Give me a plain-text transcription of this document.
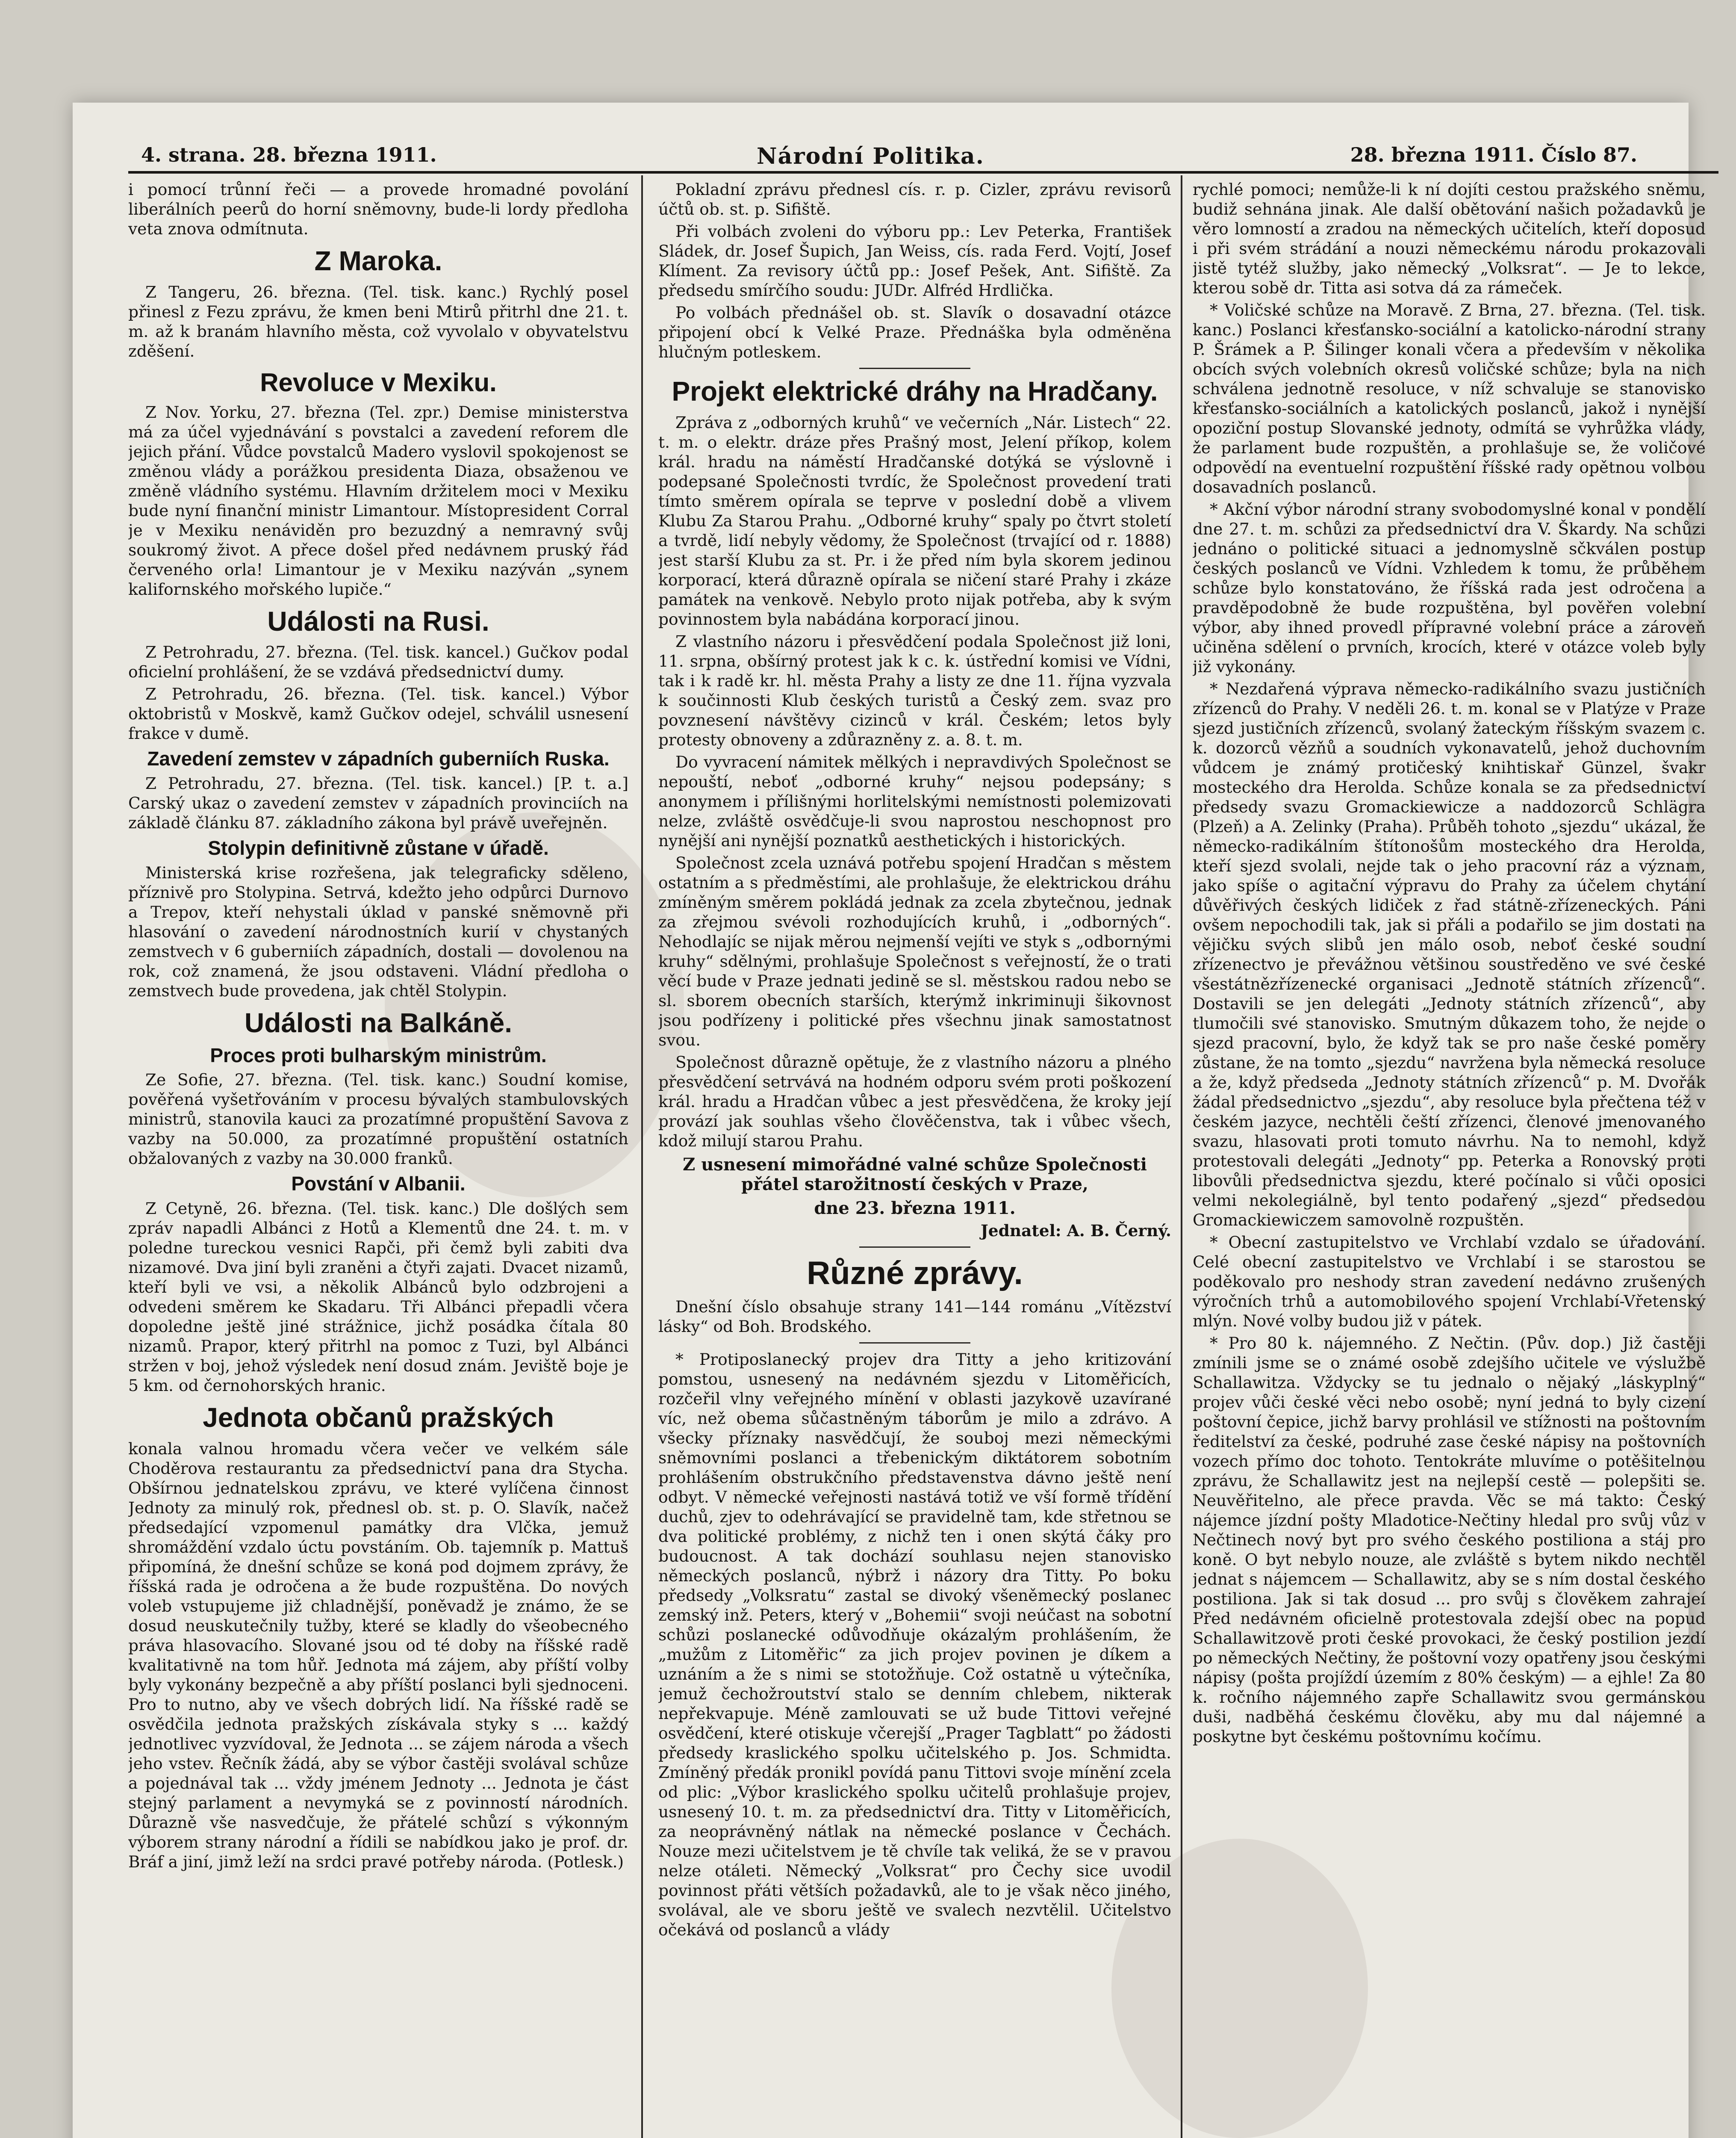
4. strana. 28. března 1911.	Národní Politika.	28. března 1911. Číslo 87.

i pomocí trůnní řeči — a provede hromadné povolání liberálních peerů do horní sněmovny, bude-li lordy předloha veta znova odmítnuta.

Z Maroka.

Z Tangeru, 26. března. (Tel. tisk. kanc.) Rychlý posel přinesl z Fezu zprávu, že kmen beni Mtirů přitrhl dne 21. t. m. až k branám hlavního města, což vyvolalo v obyvatelstvu zděšení.

Revoluce v Mexiku.

Z Nov. Yorku, 27. března (Tel. zpr.) Demise ministerstva má za účel vyjednávání s povstalci a zavedení reforem dle jejich přání. Vůdce povstalců Madero vyslovil spokojenost se změnou vlády a porážkou presidenta Diaza, obsaženou ve změně vládního systému. Hlavním držitelem moci v Mexiku bude nyní finanční ministr Limantour. Místopresident Corral je v Mexiku nenáviděn pro bezuzdný a nemravný svůj soukromý život. A přece došel před nedávnem pruský řád červeného orla! Limantour je v Mexiku nazýván „synem kalifornského mořského lupiče.“

Události na Rusi.

Z Petrohradu, 27. března. (Tel. tisk. kancel.) Gučkov podal oficielní prohlášení, že se vzdává předsednictví dumy.

Z Petrohradu, 26. března. (Tel. tisk. kancel.) Výbor oktobristů v Moskvě, kamž Gučkov odejel, schválil usnesení frakce v dumě.

Zavedení zemstev v západních guberniích Ruska.

Z Petrohradu, 27. března. (Tel. tisk. kancel.) [P. t. a.] Carský ukaz o zavedení zemstev v západních provinciích na základě článku 87. základního zákona byl právě uveřejněn.

Stolypin definitivně zůstane v úřadě.

Ministerská krise rozřešena, jak telegraficky sděleno, příznivě pro Stolypina. Setrvá, kdežto jeho odpůrci Durnovo a Trepov, kteří nehystali úklad v panské sněmovně při hlasování o zavedení národnostních kurií v chystaných zemstvech v 6 guberniích západních, dostali — dovolenou na rok, což znamená, že jsou odstaveni. Vládní předloha o zemstvech bude provedena, jak chtěl Stolypin.

Události na Balkáně.
Proces proti bulharským ministrům.

Ze Sofie, 27. března. (Tel. tisk. kanc.) Soudní komise, pověřená vyšetřováním v procesu bývalých stambulovských ministrů, stanovila kauci za prozatímné propuštění Savova z vazby na 50.000, za prozatímné propuštění ostatních obžalovaných z vazby na 30.000 franků.

Povstání v Albanii.

Z Cetyně, 26. března. (Tel. tisk. kanc.) Dle došlých sem zpráv napadli Albánci z Hotů a Klementů dne 24. t. m. v poledne tureckou vesnici Rapči, při čemž byli zabiti dva nizamové. Dva jiní byli zraněni a čtyři zajati. Dvacet nizamů, kteří byli ve vsi, a několik Albánců bylo odzbrojeni a odvedeni směrem ke Skadaru. Tři Albánci přepadli včera dopoledne ještě jiné strážnice, jichž posádka čítala 80 nizamů. Prapor, který přitrhl na pomoc z Tuzi, byl Albánci stržen v boj, jehož výsledek není dosud znám. Jeviště boje je 5 km. od černohorských hranic.

Jednota občanů pražských

konala valnou hromadu včera večer ve velkém sále Choděrova restaurantu za předsednictví pana dra Stycha. Obšírnou jednatelskou zprávu, ve které vylíčena činnost Jednoty za minulý rok, přednesl ob. st. p. O. Slavík, načež předsedající vzpomenul památky dra Vlčka, jemuž shromáždění vzdalo úctu povstáním. Ob. tajemník p. Mattuš připomíná, že dnešní schůze se koná pod dojmem zprávy, že říšská rada je odročena a že bude rozpuštěna. Do nových voleb vstupujeme již chladnější, poněvadž je známo, že se dosud neuskutečnily tužby, které se kladly do všeobecného práva hlasovacího. Slované jsou od té doby na říšské radě kvalitativně na tom hůř. Jednota má zájem, aby příští volby byly vykonány bezpečně a aby příští poslanci byli sjednoceni. Pro to nutno, aby ve všech dobrých lidí. Na říšské radě se osvědčila jednota pražských získávala styky s ... každý jednotlivec vyzvídoval, že Jednota ... se zájem národa a všech jeho vstev. Řečník žádá, aby se výbor častěji svolával schůze a pojednával tak ... vždy jménem Jednoty ... Jednota je část stejný parlament a nevymyká se z povinností národních. Důrazně vše nasvedčuje, že přátelé schůzí s výkonným výborem strany národní a řídili se nabídkou jako je prof. dr. Bráf a jiní, jimž leží na srdci pravé potřeby národa. (Potlesk.)

Pokladní zprávu přednesl cís. r. p. Cizler, zprávu revisorů účtů ob. st. p. Sifiště.

Při volbách zvoleni do výboru pp.: Lev Peterka, František Sládek, dr. Josef Šupich, Jan Weiss, cís. rada Ferd. Vojtí, Josef Klíment. Za revisory účtů pp.: Josef Pešek, Ant. Sifiště. Za předsedu smírčího soudu: JUDr. Alfréd Hrdlička.

Po volbách přednášel ob. st. Slavík o dosavadní otázce připojení obcí k Velké Praze. Přednáška byla odměněna hlučným potleskem.

Projekt elektrické dráhy na Hradčany.

Zpráva z „odborných kruhů“ ve večerních „Nár. Listech“ 22. t. m. o elektr. dráze přes Prašný most, Jelení příkop, kolem král. hradu na náměstí Hradčanské dotýká se výslovně i podepsané Společnosti tvrdíc, že Společnost provedení trati tímto směrem opírala se teprve v poslední době a vlivem Klubu Za Starou Prahu. „Odborné kruhy“ spaly po čtvrt století a tvrdě, lidí nebyly vědomy, že Společnost (trvající od r. 1888) jest starší Klubu za st. Pr. i že před ním byla skorem jedinou korporací, která důrazně opírala se ničení staré Prahy i zkáze památek na venkově. Nebylo proto nijak potřeba, aby k svým povinnostem byla nabádána korporací jinou.

Z vlastního názoru i přesvědčení podala Společnost již loni, 11. srpna, obšírný protest jak k c. k. ústřední komisi ve Vídni, tak i k radě kr. hl. města Prahy a listy ze dne 11. října vyzvala k součinnosti Klub českých turistů a Český zem. svaz pro povznesení návštěvy cizinců v král. Českém; letos byly protesty obnoveny a zdůrazněny z. a. 8. t. m.

Do vyvracení námitek mělkých i nepravdivých Společnost se nepouští, neboť „odborné kruhy“ nejsou podepsány; s anonymem i přílišnými horlitelskými nemístnosti polemizovati nelze, zvláště osvědčuje-li svou naprostou neschopnost pro nynější ani nynější poznatků aesthetických i historických.

Společnost zcela uznává potřebu spojení Hradčan s městem ostatním a s předměstími, ale prohlašuje, že elektrickou dráhu zmíněným směrem pokládá jednak za zcela zbytečnou, jednak za zřejmou svévoli rozhodujících kruhů, i „odborných“. Nehodlajíc se nijak měrou nejmenší vejíti ve styk s „odbornými kruhy“ sdělnými, prohlašuje Společnost s veřejností, že o trati věcí bude v Praze jednati jedině se sl. městskou radou nebo se sl. sborem obecních starších, kterýmž inkriminuji šikovnost jsou podřízeny i politické přes všechnu jinak samostatnost svou.

Společnost důrazně opětuje, že z vlastního názoru a plného přesvědčení setrvává na hodném odporu svém proti poškození král. hradu a Hradčan vůbec a jest přesvědčena, že kroky její provází jak souhlas všeho člověčenstva, tak i vůbec všech, kdož milují starou Prahu.

Z usnesení mimořádné valné schůze Společnosti přátel starožitností českých v Praze,
dne 23. března 1911.
Jednatel: A. B. Černý.
Různé zprávy.

Dnešní číslo obsahuje strany 141—144 románu „Vítězství lásky“ od Boh. Brodského.

* Protiposlanecký projev dra Titty a jeho kritizování pomstou, usnesený na nedávném sjezdu v Litoměřicích, rozčeřil vlny veřejného mínění v oblasti jazykově uzavírané víc, než obema sůčastněným táborům je milo a zdrávo. A všecky příznaky nasvědčují, že souboj mezi německými sněmovními poslanci a třebenickým diktátorem sobotním prohlášením obstrukčního představenstva dávno ještě není odbyt. V německé veřejnosti nastává totiž ve vší formě třídění duchů, zjev to odehrávající se pravidelně tam, kde střetnou se dva politické problémy, z nichž ten i onen skýtá čáky pro budoucnost. A tak dochází souhlasu nejen stanovisko německých poslanců, nýbrž i názory dra Titty. Po boku předsedy „Volksratu“ zastal se divoký všeněmecký poslanec zemský inž. Peters, který v „Bohemii“ svoji neúčast na sobotní schůzi poslanecké odůvodňuje okázalým prohlášením, že „mužům z Litoměřic“ za jich projev povinen je díkem a uznáním a že s nimi se stotožňuje. Což ostatně u výtečníka, jemuž čechožroutství stalo se denním chlebem, nikterak nepřekvapuje. Méně zamlouvati se už bude Tittovi veřejné osvědčení, které otiskuje včerejší „Prager Tagblatt“ po žádosti předsedy kraslického spolku učitelského p. Jos. Schmidta. Zmíněný předák pronikl povídá panu Tittovi svoje mínění zcela od plic: „Výbor kraslického spolku učitelů prohlašuje projev, usnesený 10. t. m. za předsednictví dra. Titty v Litoměřicích, za neoprávněný nátlak na německé poslance v Čechách. Nouze mezi učitelstvem je tě chvíle tak veliká, že se v pravou nelze otáleti. Německý „Volksrat“ pro Čechy sice uvodil povinnost přáti větších požadavků, ale to je však něco jiného, svolával, ale ve sboru ještě ve svalech nezvtělil. Učitelstvo očekává od poslanců a vlády

rychlé pomoci; nemůže-li k ní dojíti cestou pražského sněmu, budiž sehnána jinak. Ale další obětování našich požadavků je věro lomností a zradou na německých učitelích, kteří doposud i při svém strádání a nouzi německému národu prokazovali jistě tytéž služby, jako německý „Volksrat“. — Je to lekce, kterou sobě dr. Titta asi sotva dá za rámeček.

* Voličské schůze na Moravě. Z Brna, 27. března. (Tel. tisk. kanc.) Poslanci křesťansko-sociální a katolicko-národní strany P. Šrámek a P. Šilinger konali včera a především v několika obcích svých volebních okresů voličské schůze; byla na nich schválena jednotně resoluce, v níž schvaluje se stanovisko křesťansko-sociálních a katolických poslanců, jakož i nynější opoziční postup Slovanské jednoty, odmítá se vyhrůžka vlády, že parlament bude rozpuštěn, a prohlašuje se, že voličové odpovědí na eventuelní rozpuštění říšské rady opětnou volbou dosavadních poslanců.

* Akční výbor národní strany svobodomyslné konal v pondělí dne 27. t. m. schůzi za předsednictví dra V. Škardy. Na schůzi jednáno o politické situaci a jednomyslně sčkválen postup českých poslanců ve Vídni. Vzhledem k tomu, že průběhem schůze bylo konstatováno, že říšská rada jest odročena a pravděpodobně že bude rozpuštěna, byl pověřen volební výbor, aby ihned provedl přípravné volební práce a zároveň učiněna sdělení o prvních, krocích, které v otázce voleb byly již vykonány.

* Nezdařená výprava německo-radikálního svazu justičních zřízenců do Prahy. V neděli 26. t. m. konal se v Platýze v Praze sjezd justičních zřízenců, svolaný žateckým říšským svazem c. k. dozorců vězňů a soudních vykonavatelů, jehož duchovním vůdcem je známý protičeský knihtiskař Günzel, švakr mosteckého dra Herolda. Schůze konala se za předsednictví předsedy svazu Gromackiewicze a naddozorců Schlägra (Plzeň) a A. Zelinky (Praha). Průběh tohoto „sjezdu“ ukázal, že německo-radikálním štítonošům mosteckého dra Herolda, kteří sjezd svolali, nejde tak o jeho pracovní ráz a význam, jako spíše o agitační výpravu do Prahy za účelem chytání důvěřivých českých lidiček z řad státně-zřízeneckých. Páni ovšem nepochodili tak, jak si přáli a podařilo se jim dostati na vějičku svých slibů jen málo osob, neboť české soudní zřízenectvo je převážnou většinou soustředěno ve své české všestátnězřízenecké organisaci „Jednotě státních zřízenců“. Dostavili se jen delegáti „Jednoty státních zřízenců“, aby tlumočili své stanovisko. Smutným důkazem toho, že nejde o sjezd pracovní, bylo, že když tak se pro naše české poměry zůstane, že na tomto „sjezdu“ navržena byla německá resoluce a že, když předseda „Jednoty státních zřízenců“ p. M. Dvořák žádal předsednictvo „sjezdu“, aby resoluce byla přečtena též v českém jazyce, nechtěli čeští zřízenci, členové jmenovaného svazu, hlasovati proti tomuto návrhu. Na to nemohl, když protestovali delegáti „Jednoty“ pp. Peterka a Ronovský proti libovůli předsednictva sjezdu, které počínalo si vůči oposici velmi nekolegiálně, byl tento podařený „sjezd“ předsedou Gromackiewiczem samovolně rozpuštěn.

* Obecní zastupitelstvo ve Vrchlabí vzdalo se úřadování. Celé obecní zastupitelstvo ve Vrchlabí i se starostou se poděkovalo pro neshody stran zavedení nedávno zrušených výročních trhů a automobilového spojení Vrchlabí-Vřetenský mlýn. Nové volby budou již v pátek.

* Pro 80 k. nájemného. Z Nečtin. (Pův. dop.) Již častěji zmínili jsme se o známé osobě zdejšího učitele ve výslužbě Schallawitza. Vždycky se tu jednalo o nějaký „láskyplný“ projev vůči české věci nebo osobě; nyní jedná to byly cizení poštovní čepice, jichž barvy prohlásil ve stížnosti na poštovním ředitelství za české, podruhé zase české nápisy na poštovních vozech přímo doc tohoto. Tentokráte mluvíme o potěšitelnou zprávu, že Schallawitz jest na nejlepší cestě — polepšiti se. Neuvěřitelno, ale přece pravda. Věc se má takto: Český nájemce jízdní pošty Mladotice-Nečtiny hledal pro svůj vůz v Nečtinech nový byt pro svého českého postiliona a stáj pro koně. O byt nebylo nouze, ale zvláště s bytem nikdo nechtěl jednat s nájemcem — Schallawitz, aby se s ním dostal českého postiliona. Jak si tak dosud ... pro svůj s člověkem zahrajeí Před nedávném oficielně protestovala zdejší obec na popud Schallawitzově proti české provokaci, že český postilion jezdí po německých Nečtiny, že poštovní vozy opatřeny jsou českými nápisy (pošta projíždí územím z 80% českým) — a ejhle! Za 80 k. ročního nájemného zapře Schallawitz svou germánskou duši, nadběhá českému člověku, aby mu dal nájemné a poskytne byt českému poštovnímu kočímu.
